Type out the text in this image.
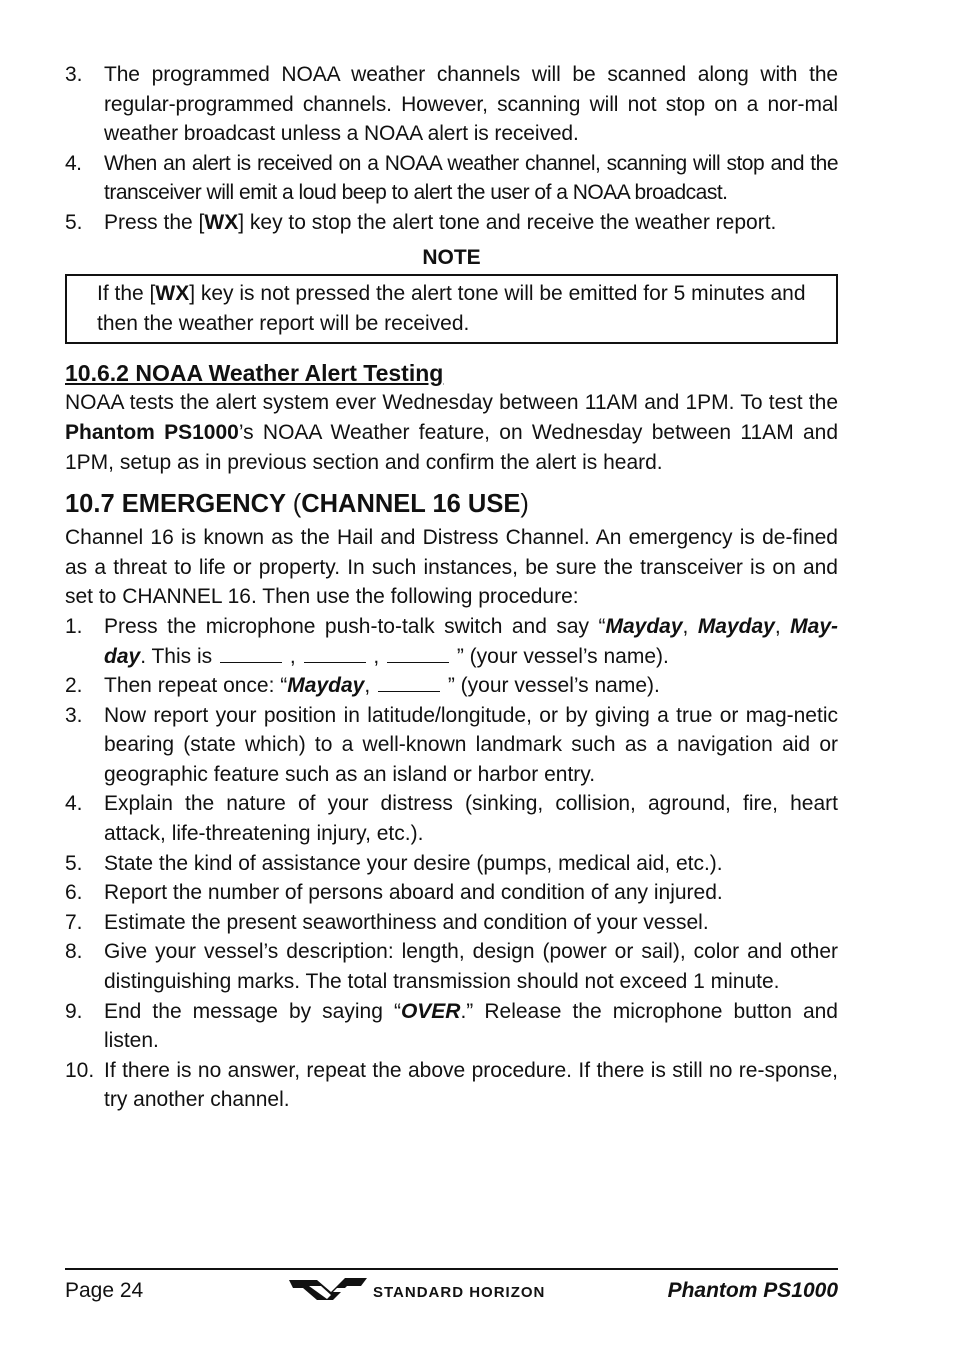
3. The programmed NOAA weather channels will be scanned along with the regular-programmed channels. However, scanning will not stop on a nor-mal weather broadcast unless a NOAA alert is received.
4. When an alert is received on a NOAA weather channel, scanning will stop and the transceiver will emit a loud beep to alert the user of a NOAA broadcast.
5. Press the [WX] key to stop the alert tone and receive the weather report.
NOTE
If the [WX] key is not pressed the alert tone will be emitted for 5 minutes and then the weather report will be received.
10.6.2 NOAA Weather Alert Testing
NOAA tests the alert system ever Wednesday between 11AM and 1PM. To test the Phantom PS1000’s NOAA Weather feature, on Wednesday between 11AM and 1PM, setup as in previous section and confirm the alert is heard.
10.7 EMERGENCY (CHANNEL 16 USE)
Channel 16 is known as the Hail and Distress Channel. An emergency is de-fined as a threat to life or property. In such instances, be sure the transceiver is on and set to CHANNEL 16. Then use the following procedure:
1. Press the microphone push-to-talk switch and say “Mayday, Mayday, May-day. This is	,	,	” (your vessel’s name).
2. Then repeat once: “Mayday,	” (your vessel’s name).
3. Now report your position in latitude/longitude, or by giving a true or mag-netic bearing (state which) to a well-known landmark such as a navigation aid or geographic feature such as an island or harbor entry.
4. Explain the nature of your distress (sinking, collision, aground, fire, heart attack, life-threatening injury, etc.).
5. State the kind of assistance your desire (pumps, medical aid, etc.).
6. Report the number of persons aboard and condition of any injured.
7. Estimate the present seaworthiness and condition of your vessel.
8. Give your vessel’s description: length, design (power or sail), color and other distinguishing marks. The total transmission should not exceed 1 minute.
9. End the message by saying “OVER.” Release the microphone button and listen.
10. If there is no answer, repeat the above procedure. If there is still no re-sponse, try another channel.
Page 24	STANDARD HORIZON	Phantom PS1000
